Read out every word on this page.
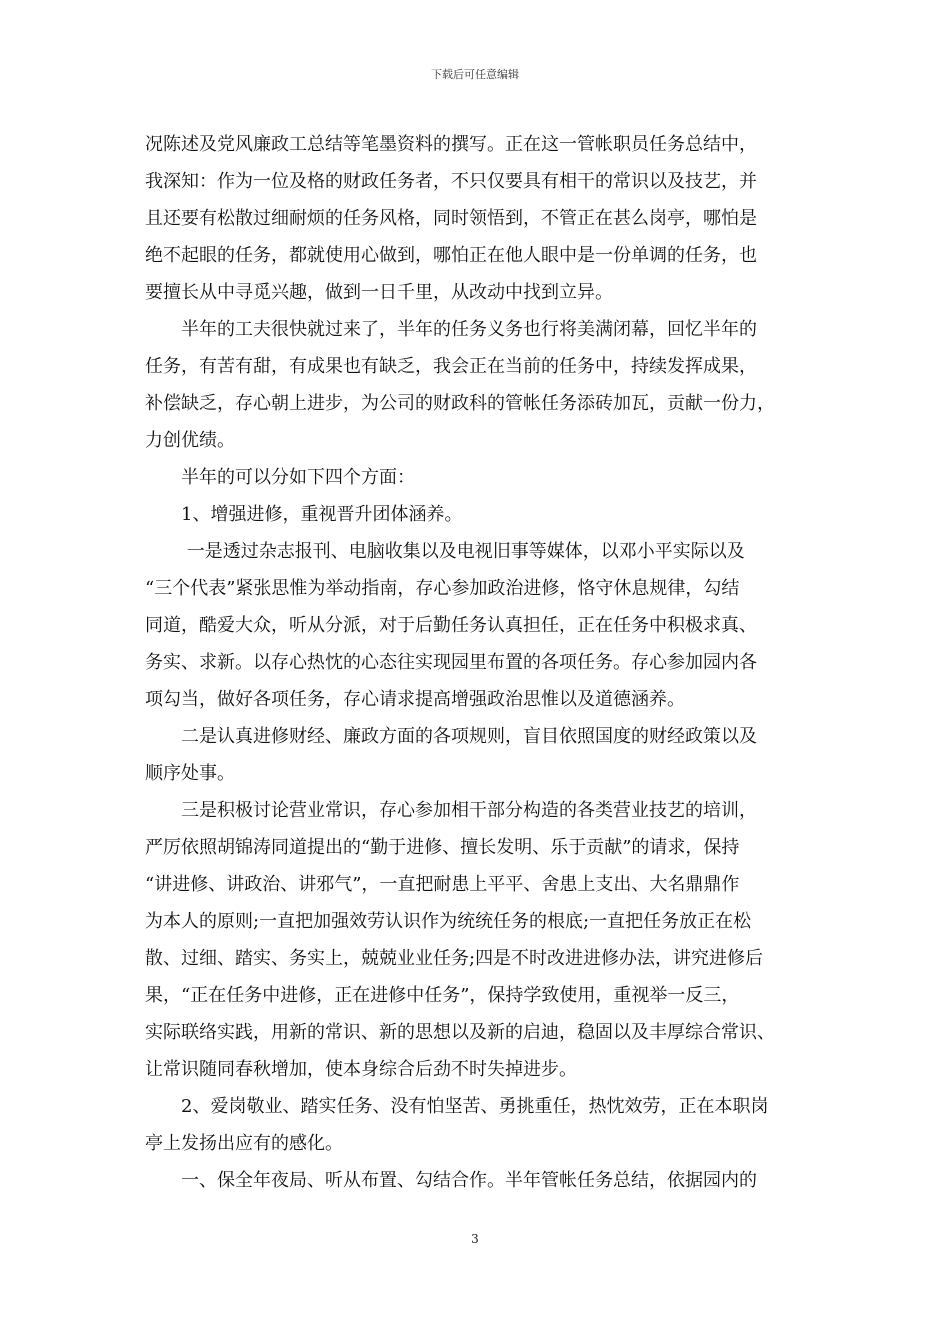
下载后可任意编辑
况陈述及党风廉政工总结等笔墨资料的撰写。正在这一管帐职员任务总结中，
我深知：作为一位及格的财政任务者，不只仅要具有相干的常识以及技艺，并
且还要有松散过细耐烦的任务风格，同时领悟到，不管正在甚么岗亭，哪怕是
绝不起眼的任务，都就使用心做到，哪怕正在他人眼中是一份单调的任务，也
要擅长从中寻觅兴趣，做到一日千里，从改动中找到立异。
　　半年的工夫很快就过来了，半年的任务义务也行将美满闭幕，回忆半年的
任务，有苦有甜，有成果也有缺乏，我会正在当前的任务中，持续发挥成果，
补偿缺乏，存心朝上进步，为公司的财政科的管帐任务添砖加瓦，贡献一份力，
力创优绩。
　　半年的可以分如下四个方面：
　　1、增强进修，重视晋升团体涵养。
　　 一是透过杂志报刊、电脑收集以及电视旧事等媒体，以邓小平实际以及
“三个代表”紧张思惟为举动指南，存心参加政治进修，恪守休息规律，勾结
同道，酷爱大众，听从分派，对于后勤任务认真担任，正在任务中积极求真、
务实、求新。以存心热忱的心态往实现园里布置的各项任务。存心参加园内各
项勾当，做好各项任务，存心请求提高增强政治思惟以及道德涵养。
　　二是认真进修财经、廉政方面的各项规则，盲目依照国度的财经政策以及
顺序处事。
　　三是积极讨论营业常识，存心参加相干部分构造的各类营业技艺的培训，
严厉依照胡锦涛同道提出的“勤于进修、擅长发明、乐于贡献”的请求，保持
“讲进修、讲政治、讲邪气”，一直把耐患上平平、舍患上支出、大名鼎鼎作
为本人的原则;一直把加强效劳认识作为统统任务的根底;一直把任务放正在松
散、过细、踏实、务实上，兢兢业业任务;四是不时改进进修办法，讲究进修后
果，“正在任务中进修，正在进修中任务”，保持学致使用，重视举一反三，
实际联络实践，用新的常识、新的思想以及新的启迪，稳固以及丰厚综合常识、
让常识随同春秋增加，使本身综合后劲不时失掉进步。
　　2、爱岗敬业、踏实任务、没有怕坚苦、勇挑重任，热忱效劳，正在本职岗
亭上发扬出应有的感化。
　　一、保全年夜局、听从布置、勾结合作。半年管帐任务总结，依据园内的
3
